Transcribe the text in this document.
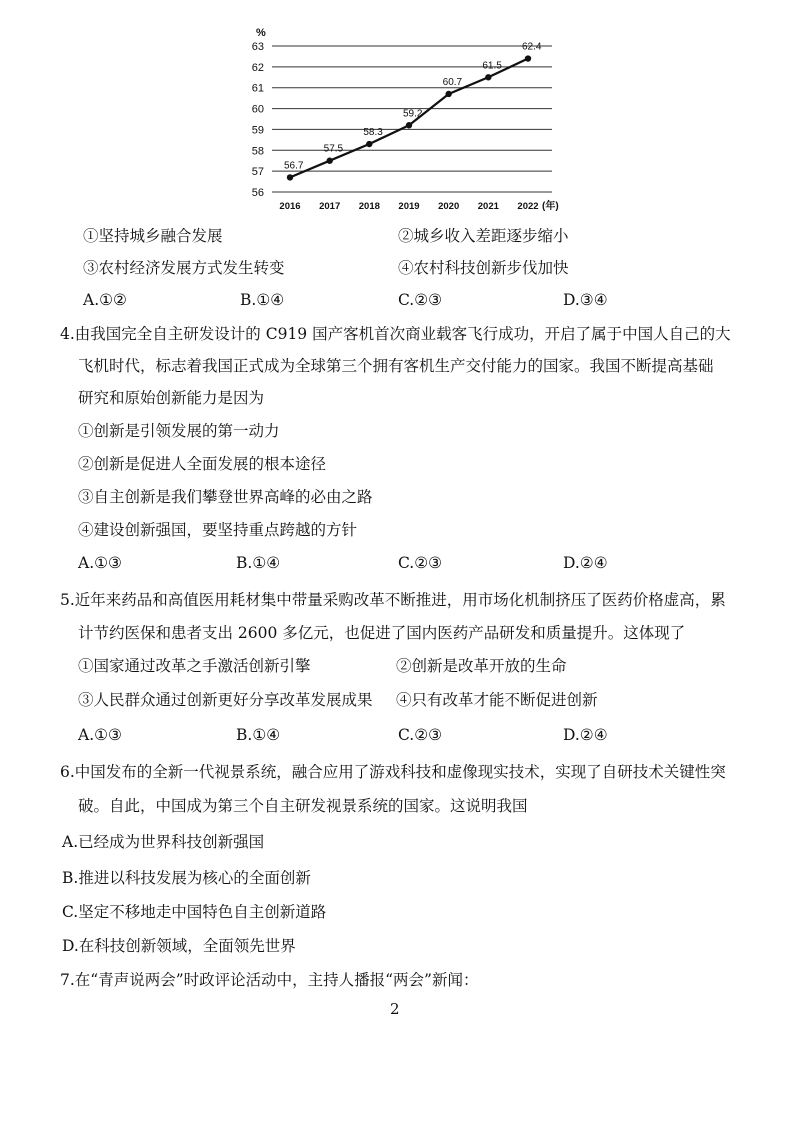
56
57
58
59
60
61
62
63
2016 2017 2018 2019 2020 2021 2022
%
(年)
56.7
57.5
58.3
59.2
60.7
61.5
62.4
①坚持城乡融合发展	②城乡收入差距逐步缩小
③农村经济发展方式发生转变	④农村科技创新步伐加快
A.①②	B.①④	C.②③	D.③④
4.由我国完全自主研发设计的 C919 国产客机首次商业载客飞行成功，开启了属于中国人自己的大
飞机时代，标志着我国正式成为全球第三个拥有客机生产交付能力的国家。我国不断提高基础
研究和原始创新能力是因为
①创新是引领发展的第一动力
②创新是促进人全面发展的根本途径
③自主创新是我们攀登世界高峰的必由之路
④建设创新强国，要坚持重点跨越的方针
A.①③	B.①④	C.②③	D.②④
5.近年来药品和高值医用耗材集中带量采购改革不断推进，用市场化机制挤压了医药价格虚高，累
计节约医保和患者支出 2600 多亿元，也促进了国内医药产品研发和质量提升。这体现了
①国家通过改革之手激活创新引擎	②创新是改革开放的生命
③人民群众通过创新更好分享改革发展成果 ④只有改革才能不断促进创新
A.①③	B.①④	C.②③	D.②④
6.中国发布的全新一代视景系统，融合应用了游戏科技和虚像现实技术，实现了自研技术关键性突
破。自此，中国成为第三个自主研发视景系统的国家。这说明我国
A.已经成为世界科技创新强国
B.推进以科技发展为核心的全面创新
C.坚定不移地走中国特色自主创新道路
D.在科技创新领域，全面领先世界
7.在“青声说两会”时政评论活动中，主持人播报“两会”新闻：
2
